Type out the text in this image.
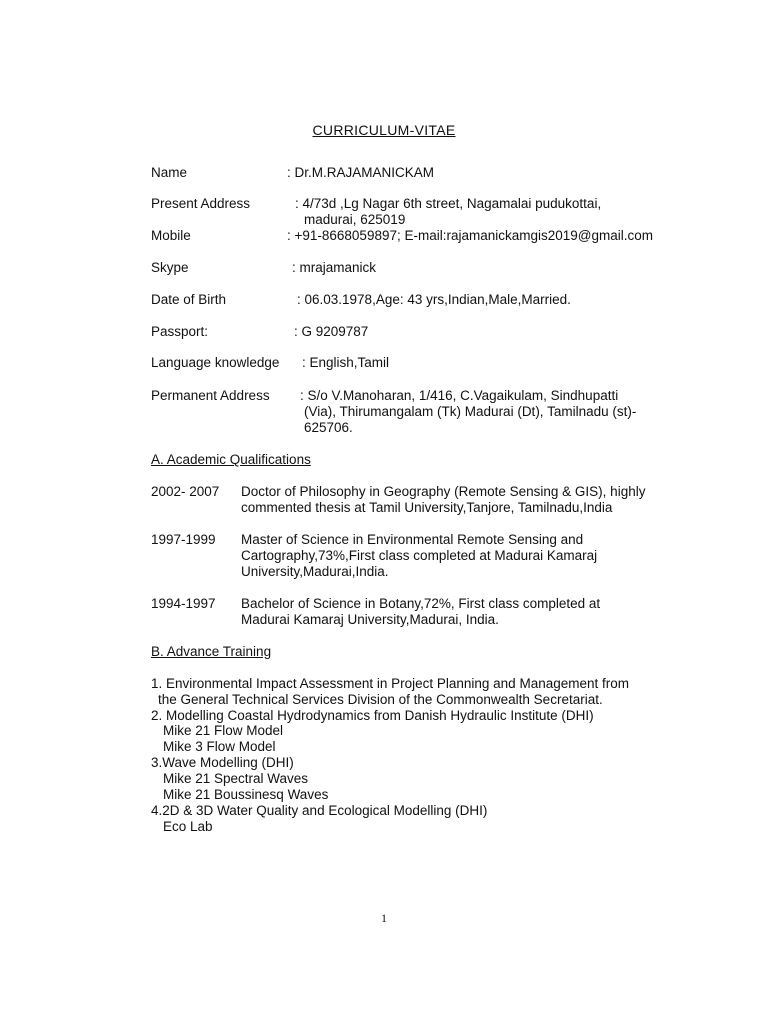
CURRICULUM-VITAE
Name	: Dr.M.RAJAMANICKAM
Present Address	: 4/73d ,Lg Nagar 6th street, Nagamalai pudukottai,
madurai, 625019
Mobile	: +91-8668059897; E-mail:rajamanickamgis2019@gmail.com
Skype	: mrajamanick
Date of Birth	: 06.03.1978,Age: 43 yrs,Indian,Male,Married.
Passport:	: G 9209787
Language knowledge : English,Tamil
Permanent Address : S/o V.Manoharan, 1/416, C.Vagaikulam, Sindhupatti
(Via), Thirumangalam (Tk) Madurai (Dt), Tamilnadu (st)-
625706.
A. Academic Qualifications
2002- 2007 Doctor of Philosophy in Geography (Remote Sensing & GIS), highly
commented thesis at Tamil University,Tanjore, Tamilnadu,India
1997-1999 Master of Science in Environmental Remote Sensing and
Cartography,73%,First class completed at Madurai Kamaraj
University,Madurai,India.
1994-1997 Bachelor of Science in Botany,72%, First class completed at
Madurai Kamaraj University,Madurai, India.
B. Advance Training
1. Environmental Impact Assessment in Project Planning and Management from
the General Technical Services Division of the Commonwealth Secretariat.
2. Modelling Coastal Hydrodynamics from Danish Hydraulic Institute (DHI)
Mike 21 Flow Model
Mike 3 Flow Model
3.Wave Modelling (DHI)
Mike 21 Spectral Waves
Mike 21 Boussinesq Waves
4.2D & 3D Water Quality and Ecological Modelling (DHI)
Eco Lab
1
